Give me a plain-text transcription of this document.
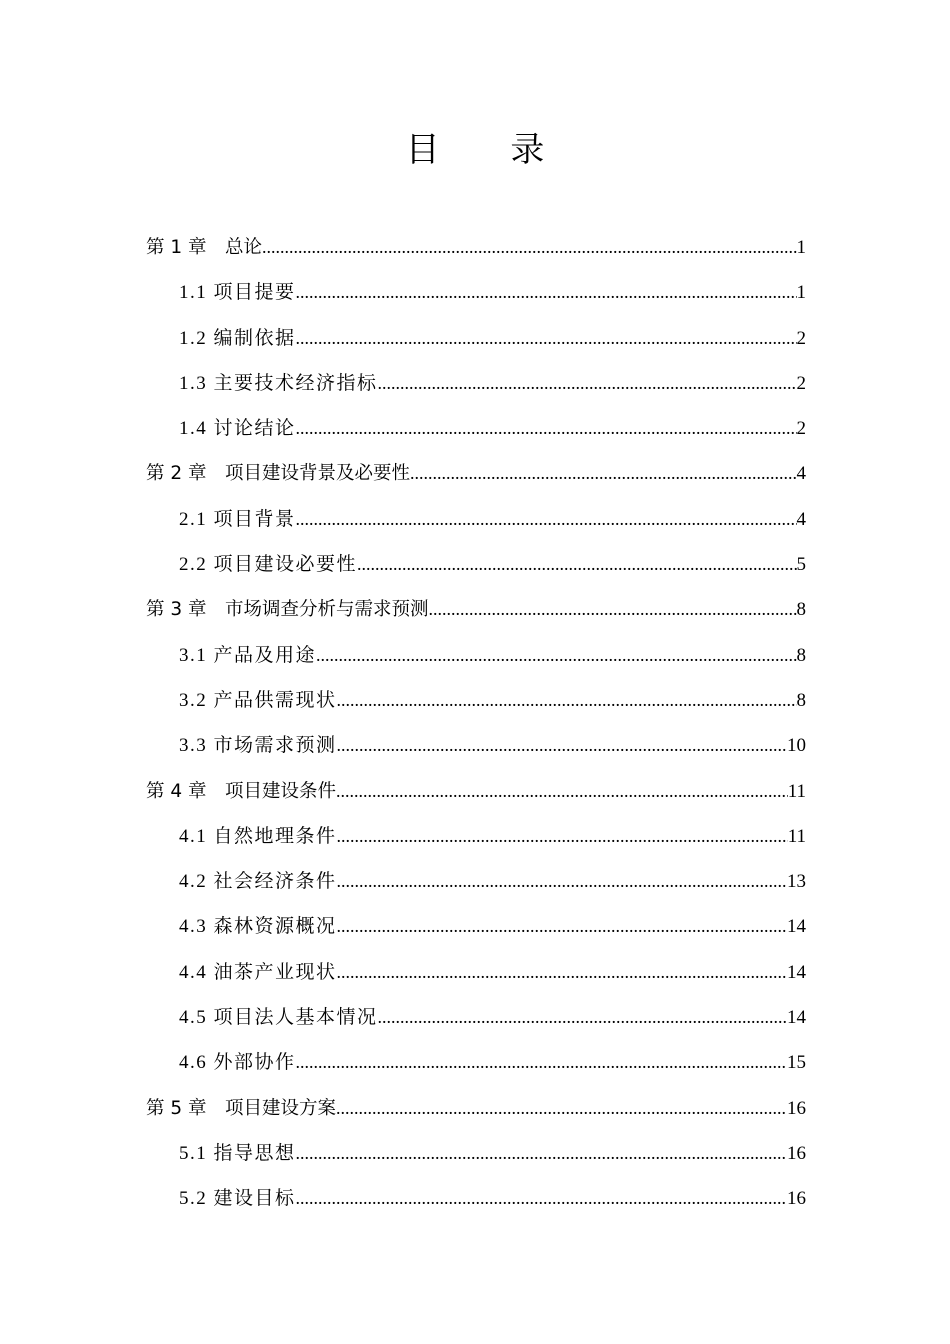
目 录
第 1 章　总论 .....	1
1.1 项目提要 .....	1
1.2 编制依据 .....	2
1.3 主要技术经济指标 .....	2
1.4 讨论结论 .....	2
第 2 章　项目建设背景及必要性 .....	4
2.1 项目背景 .....	4
2.2 项目建设必要性 .....	5
第 3 章　市场调查分析与需求预测 .....	8
3.1 产品及用途 .....	8
3.2 产品供需现状 .....	8
3.3 市场需求预测 .....	10
第 4 章　项目建设条件 .....	11
4.1 自然地理条件 .....	11
4.2 社会经济条件 .....	13
4.3 森林资源概况 .....	14
4.4 油茶产业现状 .....	14
4.5 项目法人基本情况 .....	14
4.6 外部协作 .....	15
第 5 章　项目建设方案 .....	16
5.1 指导思想 .....	16
5.2 建设目标 .....	16
